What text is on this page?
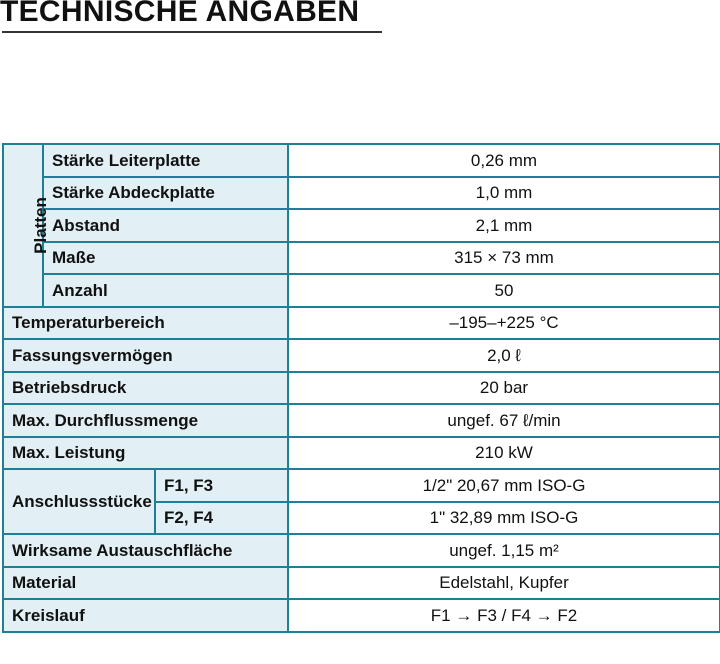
TECHNISCHE ANGABEN
Platten	Stärke Leiterplatte		0,26 mm
	Stärke Abdeckplatte		1,0 mm
	Abstand		2,1 mm
	Maße		315 × 73 mm
	Anzahl		50
Temperaturbereich			–195–+225 °C
Fassungsvermögen			2,0 ℓ
Betriebsdruck			20 bar
Max. Durchflussmenge			ungef. 67 ℓ/min
Max. Leistung			210 kW
Anschlussstücke		F1, F3	1/2" 20,67 mm ISO-G
		F2, F4	1" 32,89 mm ISO-G
Wirksame Austauschfläche			ungef. 1,15 m²
Material			Edelstahl, Kupfer
Kreislauf			F1 → F3 / F4 → F2
